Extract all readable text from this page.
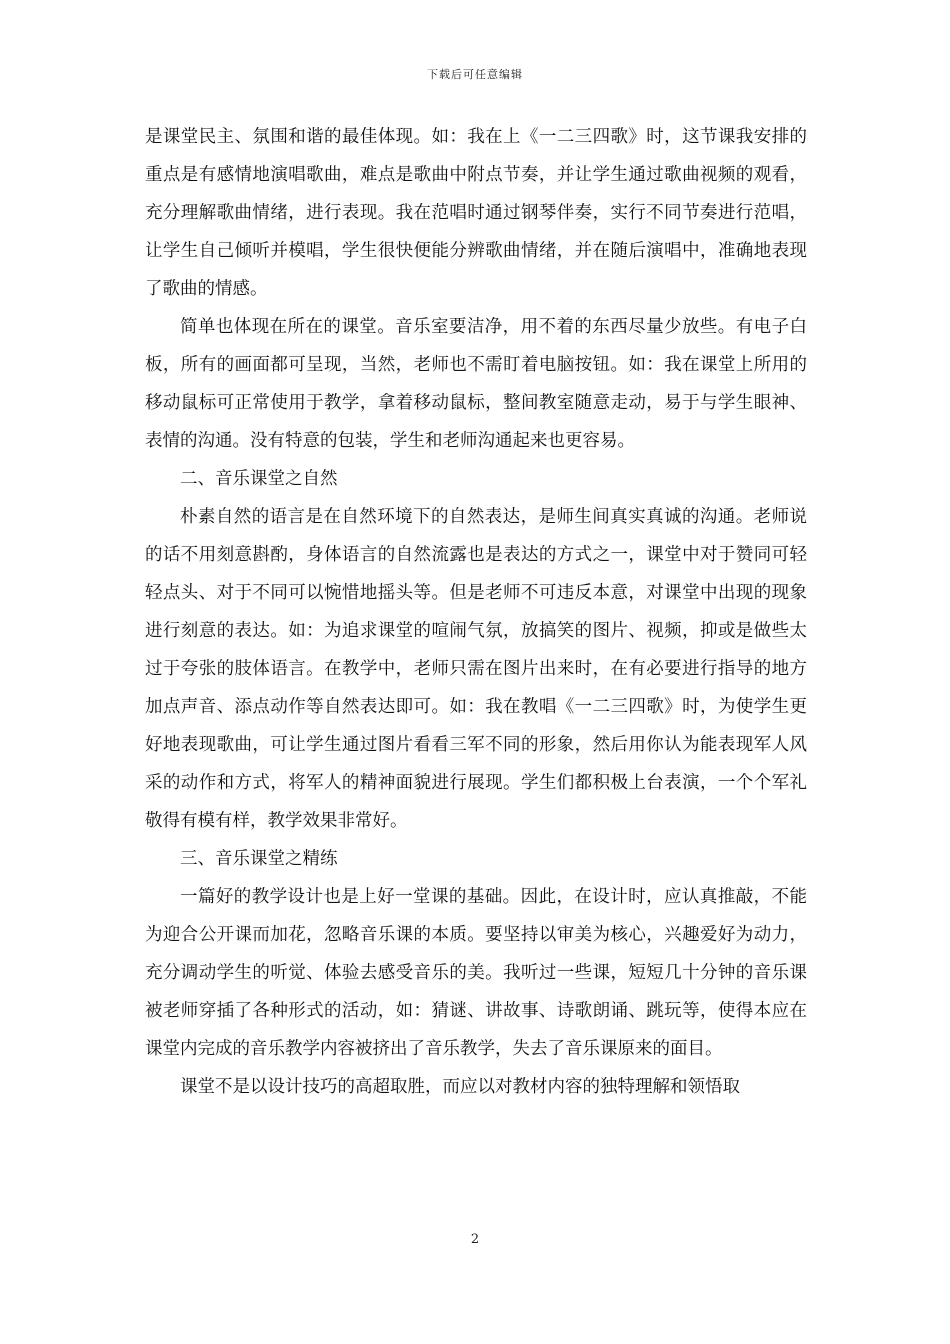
下载后可任意编辑

是课堂民主、氛围和谐的最佳体现。如：我在上《一二三四歌》时，这节课我安排的重点是有感情地演唱歌曲，难点是歌曲中附点节奏，并让学生通过歌曲视频的观看，充分理解歌曲情绪，进行表现。我在范唱时通过钢琴伴奏，实行不同节奏进行范唱，让学生自己倾听并模唱，学生很快便能分辨歌曲情绪，并在随后演唱中，准确地表现了歌曲的情感。

简单也体现在所在的课堂。音乐室要洁净，用不着的东西尽量少放些。有电子白板，所有的画面都可呈现，当然，老师也不需盯着电脑按钮。如：我在课堂上所用的移动鼠标可正常使用于教学，拿着移动鼠标，整间教室随意走动，易于与学生眼神、表情的沟通。没有特意的包装，学生和老师沟通起来也更容易。

二、音乐课堂之自然

朴素自然的语言是在自然环境下的自然表达，是师生间真实真诚的沟通。老师说的话不用刻意斟酌，身体语言的自然流露也是表达的方式之一，课堂中对于赞同可轻轻点头、对于不同可以惋惜地摇头等。但是老师不可违反本意，对课堂中出现的现象进行刻意的表达。如：为追求课堂的喧闹气氛，放搞笑的图片、视频，抑或是做些太过于夸张的肢体语言。在教学中，老师只需在图片出来时，在有必要进行指导的地方加点声音、添点动作等自然表达即可。如：我在教唱《一二三四歌》时，为使学生更好地表现歌曲，可让学生通过图片看看三军不同的形象，然后用你认为能表现军人风采的动作和方式，将军人的精神面貌进行展现。学生们都积极上台表演，一个个军礼敬得有模有样，教学效果非常好。

三、音乐课堂之精练

一篇好的教学设计也是上好一堂课的基础。因此，在设计时，应认真推敲，不能为迎合公开课而加花，忽略音乐课的本质。要坚持以审美为核心，兴趣爱好为动力，充分调动学生的听觉、体验去感受音乐的美。我听过一些课，短短几十分钟的音乐课被老师穿插了各种形式的活动，如：猜谜、讲故事、诗歌朗诵、跳玩等，使得本应在课堂内完成的音乐教学内容被挤出了音乐教学，失去了音乐课原来的面目。

课堂不是以设计技巧的高超取胜，而应以对教材内容的独特理解和领悟取

2
